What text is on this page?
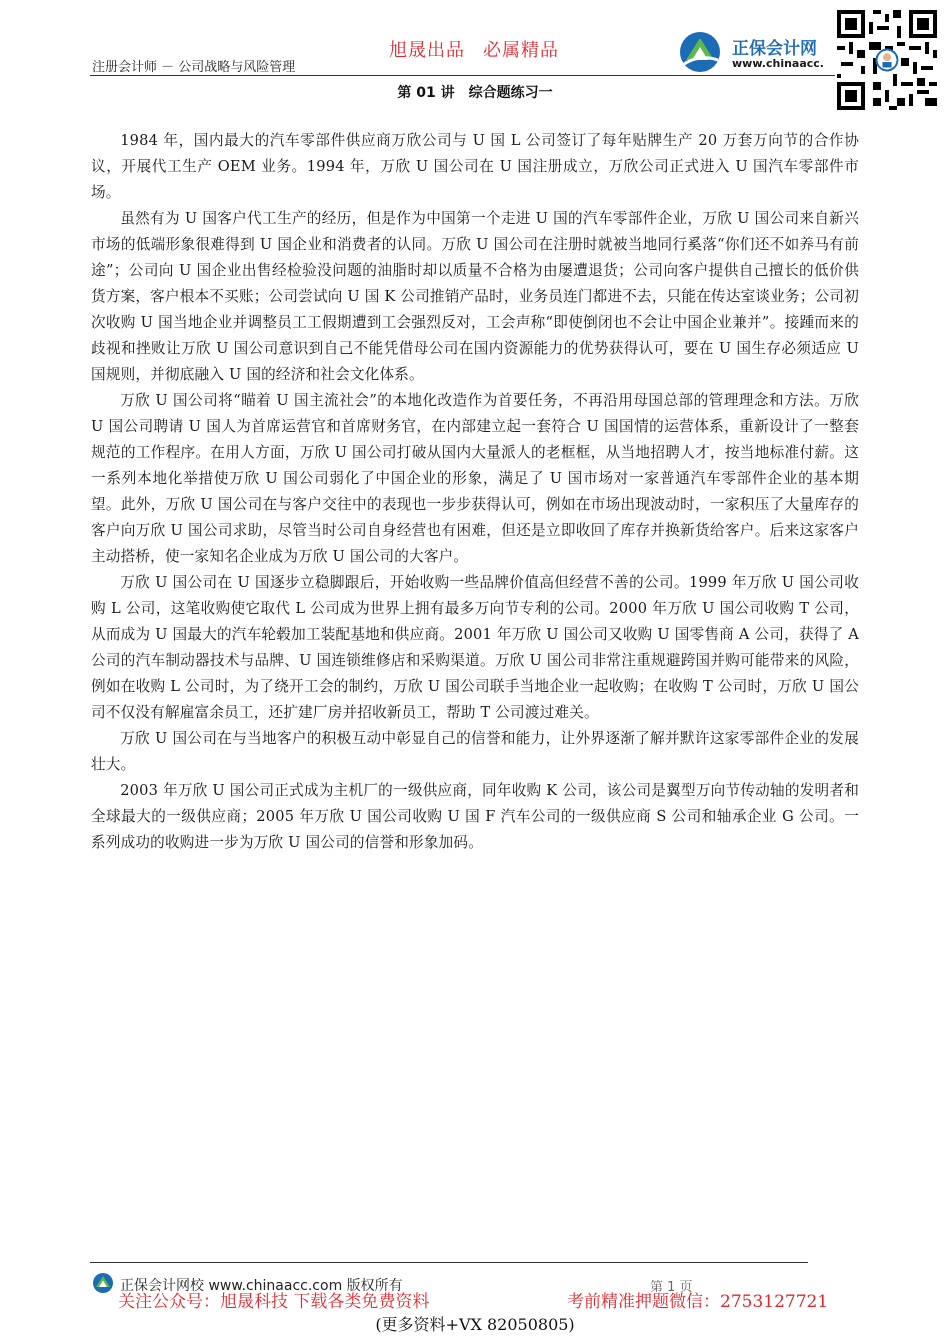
注册会计师 － 公司战略与风险管理
旭晟出品 必属精品	正保会计网
www.chinaacc.
第 01 讲　综合题练习一

1984 年，国内最大的汽车零部件供应商万欣公司与 U 国 L 公司签订了每年贴牌生产 20 万套万向节的合作协议，开展代工生产 OEM 业务。1994 年，万欣 U 国公司在 U 国注册成立，万欣公司正式进入 U 国汽车零部件市场。

虽然有为 U 国客户代工生产的经历，但是作为中国第一个走进 U 国的汽车零部件企业，万欣 U 国公司来自新兴市场的低端形象很难得到 U 国企业和消费者的认同。万欣 U 国公司在注册时就被当地同行奚落“你们还不如养马有前途”；公司向 U 国企业出售经检验没问题的油脂时却以质量不合格为由屡遭退货；公司向客户提供自己擅长的低价供货方案，客户根本不买账；公司尝试向 U 国 K 公司推销产品时，业务员连门都进不去，只能在传达室谈业务；公司初次收购 U 国当地企业并调整员工工假期遭到工会强烈反对，工会声称“即使倒闭也不会让中国企业兼并”。接踵而来的歧视和挫败让万欣 U 国公司意识到自己不能凭借母公司在国内资源能力的优势获得认可，要在 U 国生存必须适应 U 国规则，并彻底融入 U 国的经济和社会文化体系。

万欣 U 国公司将“瞄着 U 国主流社会”的本地化改造作为首要任务，不再沿用母国总部的管理理念和方法。万欣 U 国公司聘请 U 国人为首席运营官和首席财务官，在内部建立起一套符合 U 国国情的运营体系，重新设计了一整套规范的工作程序。在用人方面，万欣 U 国公司打破从国内大量派人的老框框，从当地招聘人才，按当地标准付薪。这一系列本地化举措使万欣 U 国公司弱化了中国企业的形象，满足了 U 国市场对一家普通汽车零部件企业的基本期望。此外，万欣 U 国公司在与客户交往中的表现也一步步获得认可，例如在市场出现波动时，一家积压了大量库存的客户向万欣 U 国公司求助，尽管当时公司自身经营也有困难，但还是立即收回了库存并换新货给客户。后来这家客户主动搭桥，使一家知名企业成为万欣 U 国公司的大客户。

万欣 U 国公司在 U 国逐步立稳脚跟后，开始收购一些品牌价值高但经营不善的公司。1999 年万欣 U 国公司收购 L 公司，这笔收购使它取代 L 公司成为世界上拥有最多万向节专利的公司。2000 年万欣 U 国公司收购 T 公司，从而成为 U 国最大的汽车轮毂加工装配基地和供应商。2001 年万欣 U 国公司又收购 U 国零售商 A 公司，获得了 A 公司的汽车制动器技术与品牌、U 国连锁维修店和采购渠道。万欣 U 国公司非常注重规避跨国并购可能带来的风险，例如在收购 L 公司时，为了绕开工会的制约，万欣 U 国公司联手当地企业一起收购；在收购 T 公司时，万欣 U 国公司不仅没有解雇富余员工，还扩建厂房并招收新员工，帮助 T 公司渡过难关。

万欣 U 国公司在与当地客户的积极互动中彰显自己的信誉和能力，让外界逐渐了解并默许这家零部件企业的发展壮大。

2003 年万欣 U 国公司正式成为主机厂的一级供应商，同年收购 K 公司，该公司是翼型万向节传动轴的发明者和全球最大的一级供应商；2005 年万欣 U 国公司收购 U 国 F 汽车公司的一级供应商 S 公司和轴承企业 G 公司。一系列成功的收购进一步为万欣 U 国公司的信誉和形象加码。

正保会计网校 www.chinaacc.com 版权所有	第 1 页
关注公众号：旭晟科技 下载各类免费资料	考前精准押题微信：2753127721
(更多资料+VX 82050805)
